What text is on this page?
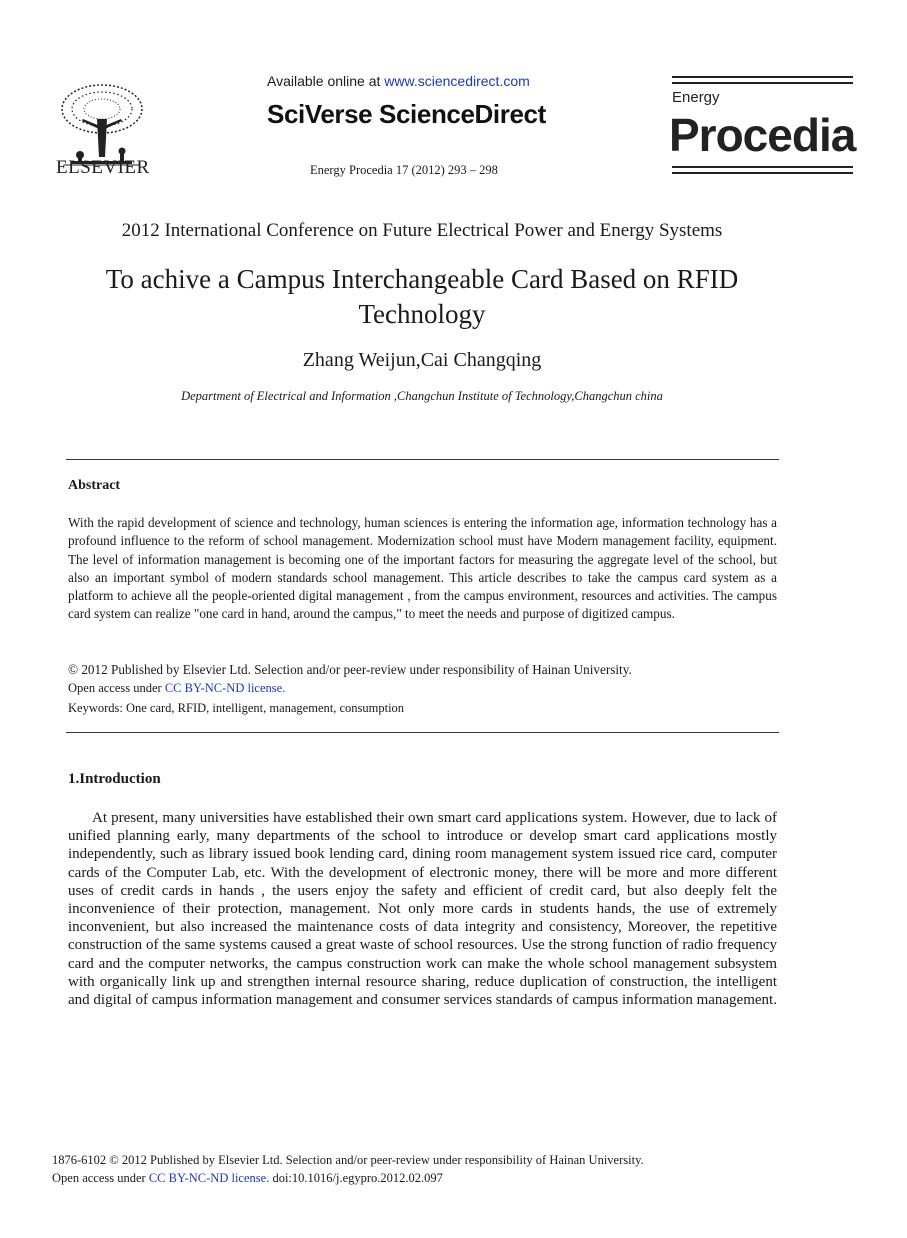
ELSEVIER
Available online at www.sciencedirect.com
SciVerse ScienceDirect
Energy Procedia 17 (2012) 293 – 298
Energy
Procedia
2012 International Conference on Future Electrical Power and Energy Systems
To achive a Campus Interchangeable Card Based on RFID Technology
Zhang Weijun,Cai Changqing
Department of Electrical and Information ,Changchun Institute of Technology,Changchun china
Abstract
With the rapid development of science and technology, human sciences is entering the information age, information technology has a profound influence to the reform of school management. Modernization school must have Modern management facility, equipment. The level of information management is becoming one of the important factors for measuring the aggregate level of the school, but also an important symbol of modern standards school management. This article describes to take the campus card system as a platform to achieve all the people-oriented digital management , from the campus environment, resources and activities. The campus card system can realize "one card in hand, around the campus," to meet the needs and purpose of digitized campus.
© 2012 Published by Elsevier Ltd. Selection and/or peer-review under responsibility of Hainan University.
Open access under CC BY-NC-ND license.
Keywords: One card, RFID, intelligent, management, consumption
1.Introduction
At present, many universities have established their own smart card applications system. However, due to lack of unified planning early, many departments of the school to introduce or develop smart card applications mostly independently, such as library issued book lending card, dining room management system issued rice card, computer cards of the Computer Lab, etc. With the development of electronic money, there will be more and more different uses of credit cards in hands , the users enjoy the safety and efficient of credit card, but also deeply felt the inconvenience of their protection, management. Not only more cards in students hands, the use of extremely inconvenient, but also increased the maintenance costs of data integrity and consistency, Moreover, the repetitive construction of the same systems caused a great waste of school resources. Use the strong function of radio frequency card and the computer networks, the campus construction work can make the whole school management subsystem with organically link up and strengthen internal resource sharing, reduce duplication of construction, the intelligent and digital of campus information management and consumer services standards of campus information management.
1876-6102 © 2012 Published by Elsevier Ltd. Selection and/or peer-review under responsibility of Hainan University.
Open access under CC BY-NC-ND license. doi:10.1016/j.egypro.2012.02.097
